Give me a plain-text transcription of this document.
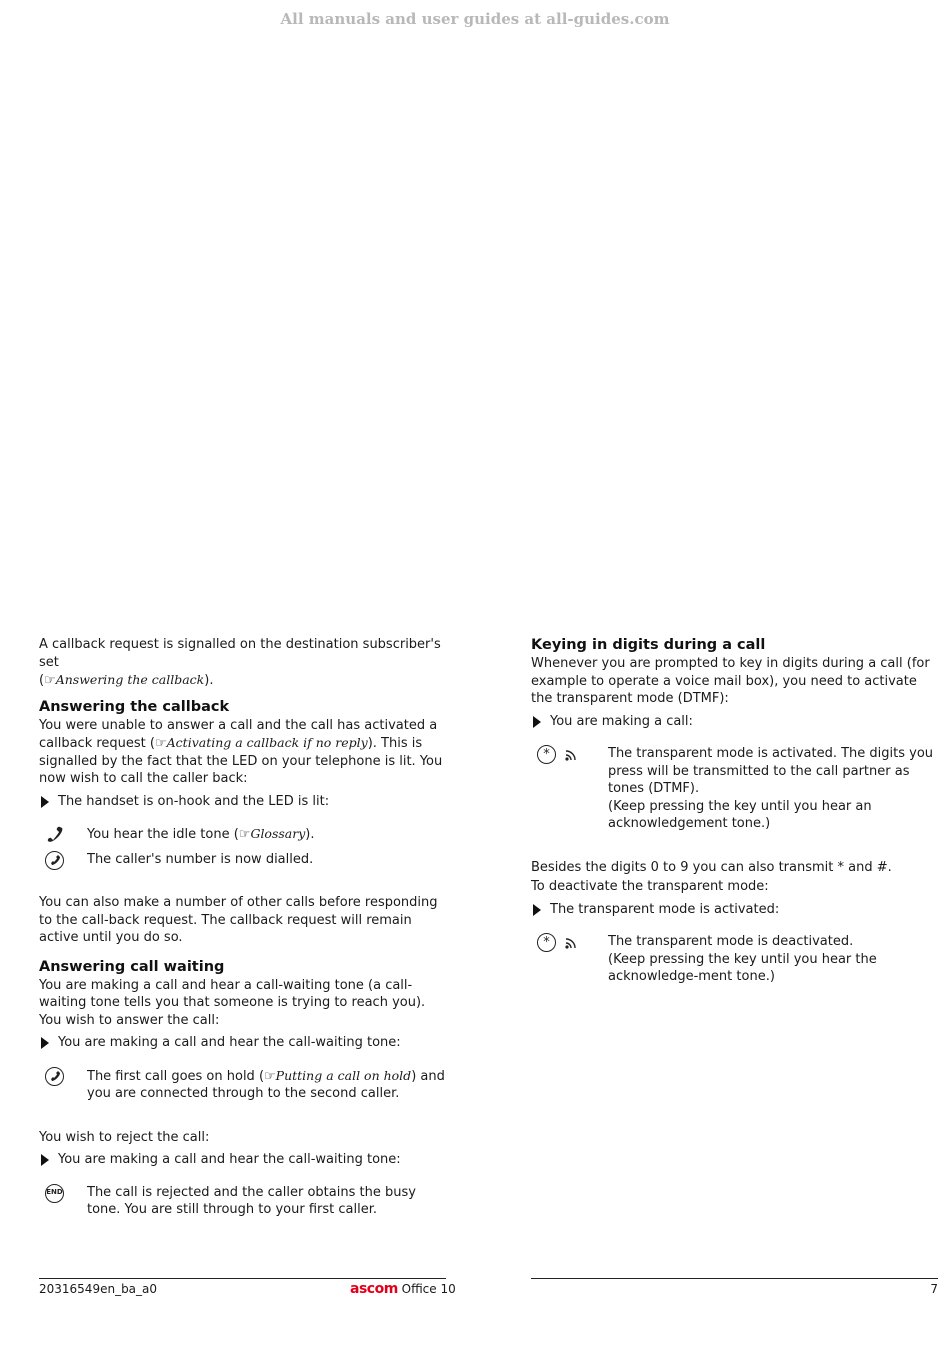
All manuals and user guides at all-guides.com

A callback request is signalled on the destination subscriber's set
(☞Answering the callback).

Answering the callback

You were unable to answer a call and the call has activated a callback request (☞Activating a callback if no reply). This is signalled by the fact that the LED on your telephone is lit. You now wish to call the caller back:

The handset is on-hook and the LED is lit:
You hear the idle tone (☞Glossary).
The caller's number is now dialled.

You can also make a number of other calls before responding to the call-back request. The callback request will remain active until you do so.

Answering call waiting

You are making a call and hear a call-waiting tone (a call-waiting tone tells you that someone is trying to reach you). You wish to answer the call:

You are making a call and hear the call-waiting tone:
The first call goes on hold (☞Putting a call on hold) and you are connected through to the second caller.

You wish to reject the call:

You are making a call and hear the call-waiting tone:
END The call is rejected and the caller obtains the busy tone. You are still through to your first caller.
Keying in digits during a call

Whenever you are prompted to key in digits during a call (for example to operate a voice mail box), you need to activate the transparent mode (DTMF):

You are making a call:
*	The transparent mode is activated. The digits you press will be transmitted to the call partner as tones (DTMF).
(Keep pressing the key until you hear an acknowledgement tone.)

Besides the digits 0 to 9 you can also transmit * and #.

To deactivate the transparent mode:

The transparent mode is activated:
*	The transparent mode is deactivated.
(Keep pressing the key until you hear the acknowledge-ment tone.)
20316549en_ba_a0	ascom Office 10	7
